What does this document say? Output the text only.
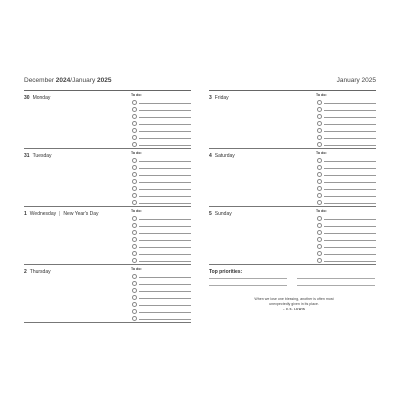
December 2024/January 2025
30 Monday	To do:
31 Tuesday	To do:
1 Wednesday | New Year's Day	To do:
2 Thursday	To do:
January 2025
3 Friday	To do:
4 Saturday	To do:
5 Sunday	To do:
Top priorities:
When we lose one blessing, another is often most unexpectedly given in its place.
– C.S. LEWIS
